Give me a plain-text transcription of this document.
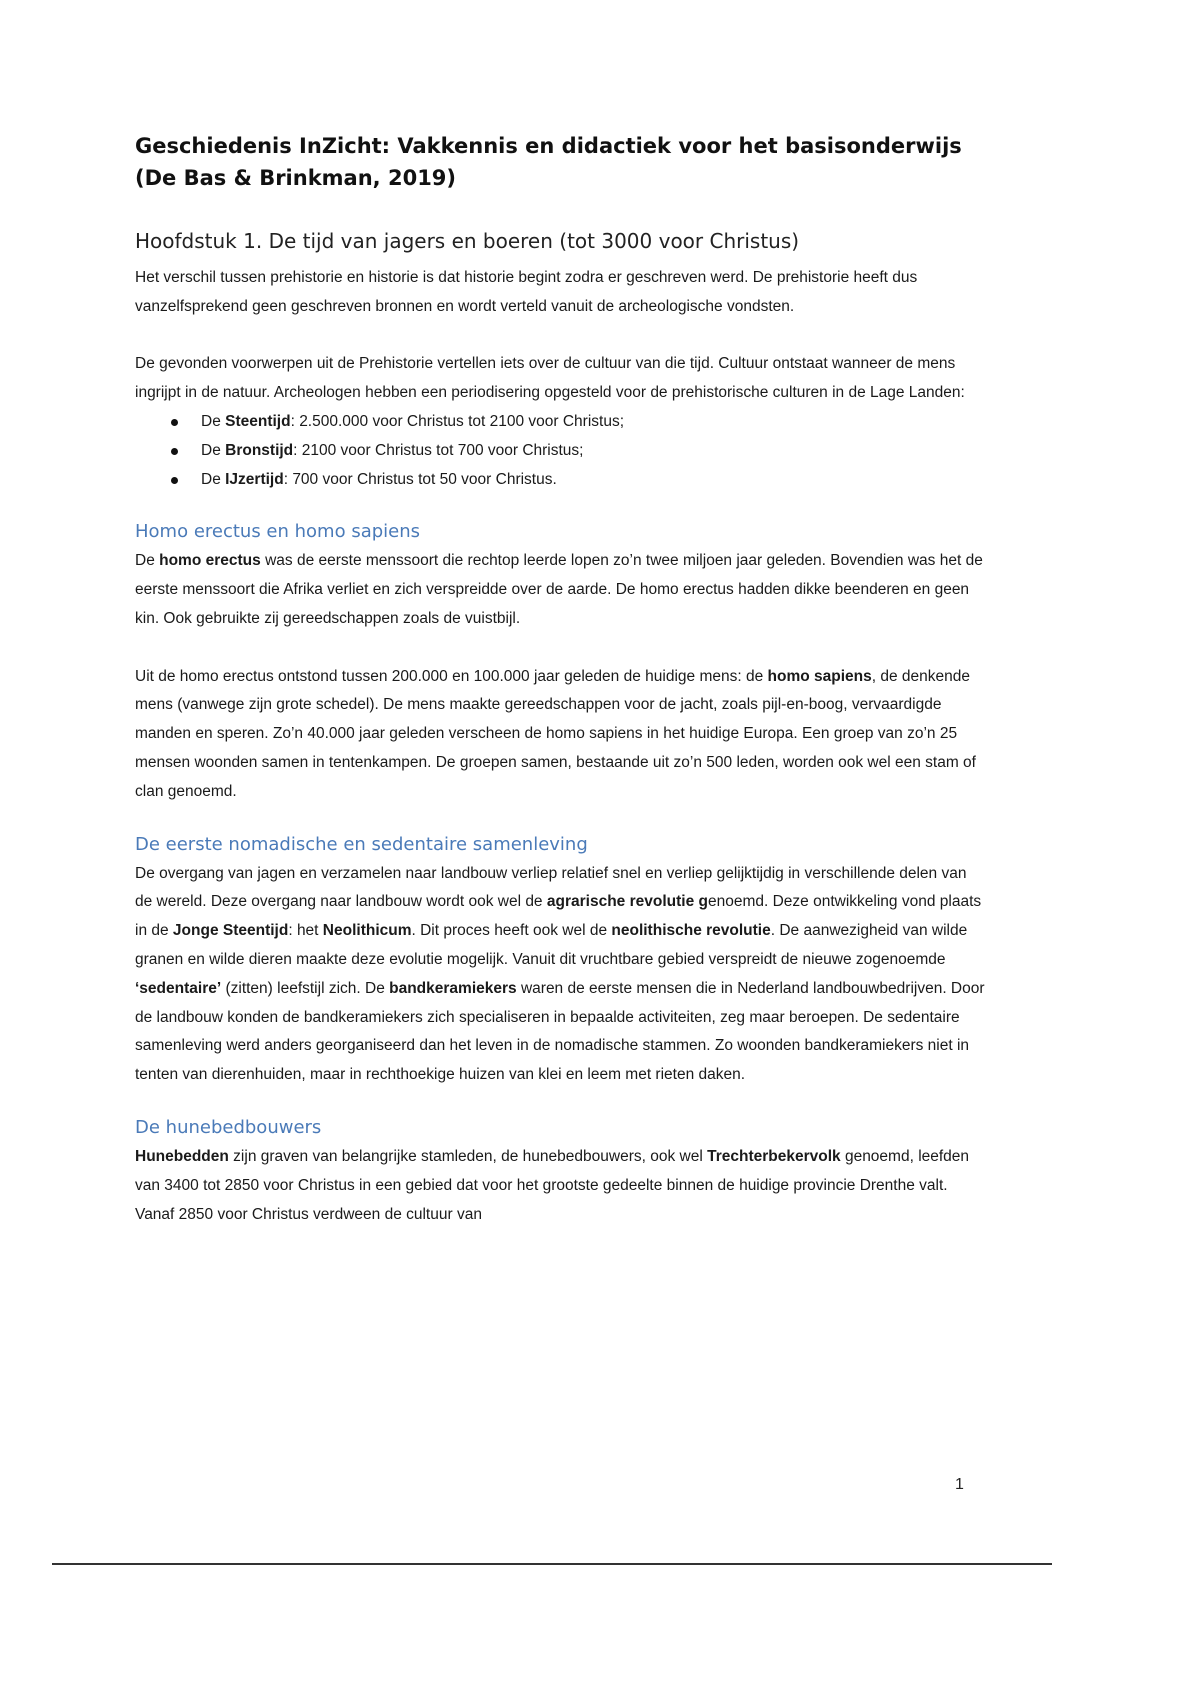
Geschiedenis InZicht: Vakkennis en didactiek voor het basisonderwijs
(De Bas & Brinkman, 2019)
Hoofdstuk 1. De tijd van jagers en boeren (tot 3000 voor Christus)

Het verschil tussen prehistorie en historie is dat historie begint zodra er geschreven werd. De prehistorie heeft dus vanzelfsprekend geen geschreven bronnen en wordt verteld vanuit de archeologische vondsten.

De gevonden voorwerpen uit de Prehistorie vertellen iets over de cultuur van die tijd. Cultuur ontstaat wanneer de mens ingrijpt in de natuur. Archeologen hebben een periodisering opgesteld voor de prehistorische culturen in de Lage Landen:

De Steentijd: 2.500.000 voor Christus tot 2100 voor Christus;
De Bronstijd: 2100 voor Christus tot 700 voor Christus;
De IJzertijd: 700 voor Christus tot 50 voor Christus.
Homo erectus en homo sapiens

De homo erectus was de eerste menssoort die rechtop leerde lopen zo’n twee miljoen jaar geleden. Bovendien was het de eerste menssoort die Afrika verliet en zich verspreidde over de aarde. De homo erectus hadden dikke beenderen en geen kin. Ook gebruikte zij gereedschappen zoals de vuistbijl.

Uit de homo erectus ontstond tussen 200.000 en 100.000 jaar geleden de huidige mens: de homo sapiens, de denkende mens (vanwege zijn grote schedel). De mens maakte gereedschappen voor de jacht, zoals pijl-en-boog, vervaardigde manden en speren. Zo’n 40.000 jaar geleden verscheen de homo sapiens in het huidige Europa. Een groep van zo’n 25 mensen woonden samen in tentenkampen. De groepen samen, bestaande uit zo’n 500 leden, worden ook wel een stam of clan genoemd.

De eerste nomadische en sedentaire samenleving

De overgang van jagen en verzamelen naar landbouw verliep relatief snel en verliep gelijktijdig in verschillende delen van de wereld. Deze overgang naar landbouw wordt ook wel de agrarische revolutie genoemd. Deze ontwikkeling vond plaats in de Jonge Steentijd: het Neolithicum. Dit proces heeft ook wel de neolithische revolutie. De aanwezigheid van wilde granen en wilde dieren maakte deze evolutie mogelijk. Vanuit dit vruchtbare gebied verspreidt de nieuwe zogenoemde ‘sedentaire’ (zitten) leefstijl zich. De bandkeramiekers waren de eerste mensen die in Nederland landbouwbedrijven. Door de landbouw konden de bandkeramiekers zich specialiseren in bepaalde activiteiten, zeg maar beroepen. De sedentaire samenleving werd anders georganiseerd dan het leven in de nomadische stammen. Zo woonden bandkeramiekers niet in tenten van dierenhuiden, maar in rechthoekige huizen van klei en leem met rieten daken.

De hunebedbouwers

Hunebedden zijn graven van belangrijke stamleden, de hunebedbouwers, ook wel Trechterbekervolk genoemd, leefden van 3400 tot 2850 voor Christus in een gebied dat voor het grootste gedeelte binnen de huidige provincie Drenthe valt. Vanaf 2850 voor Christus verdween de cultuur van

1
